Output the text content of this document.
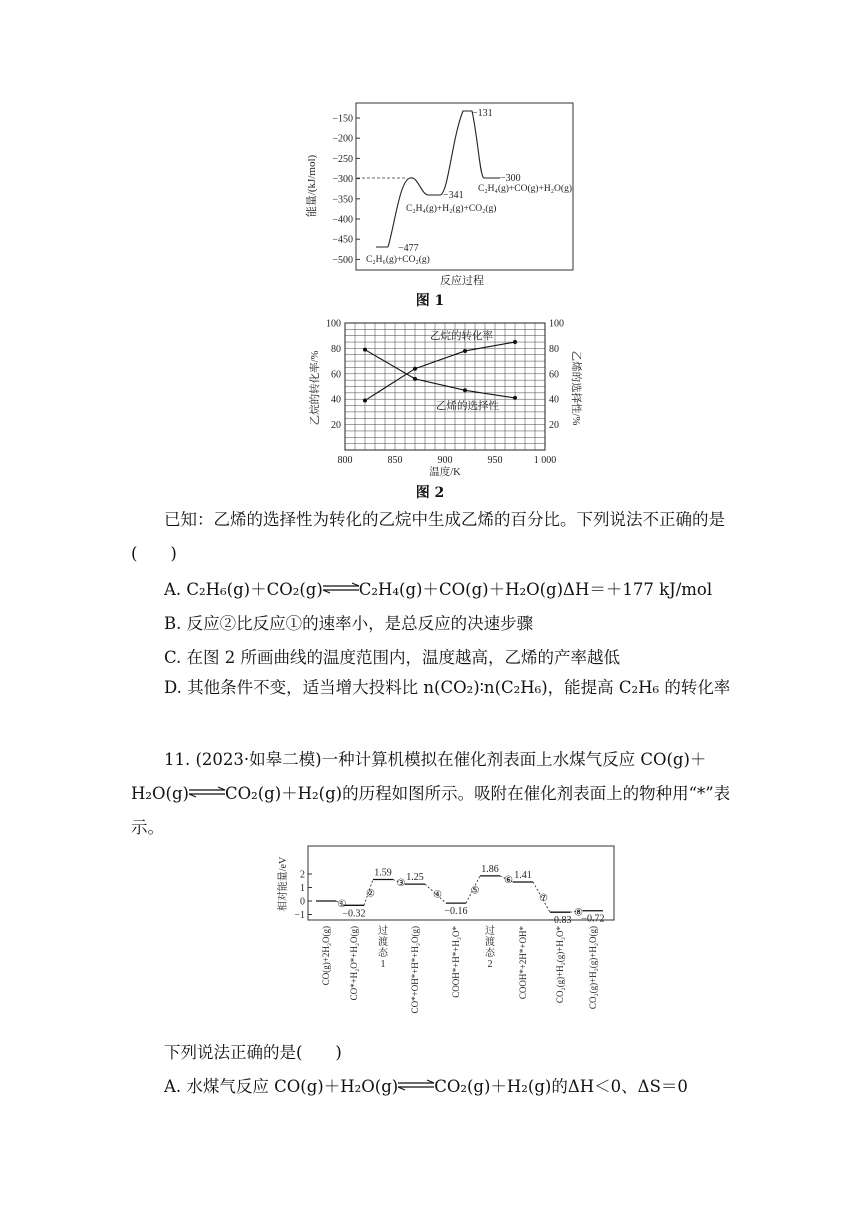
−150
−200
−250
−300
−350
−400
−450
−500
能量/(kJ/mol)
−477
C₂H₆(g)+CO₂(g)
−341
C₂H₄(g)+H₂(g)+CO₂(g)
−131
−300
C₂H₄(g)+CO(g)+H₂O(g)
反应过程
图 1
800	850	900	950	1 000
20	20
40	40
60	60
80	80
100	100
乙烷的转化率
乙烯的选择性
乙烷的转化率/%	乙烯的选择性/%
温度/K
图 2
已知：乙烯的选择性为转化的乙烷中生成乙烯的百分比。下列说法不正确的是(　　)
A. C₂H₆(g)＋CO₂(g)⇌C₂H₄(g)＋CO(g)＋H₂O(g)ΔH＝＋177 kJ/mol
B. 反应②比反应①的速率小，是总反应的决速步骤
C. 在图 2 所画曲线的温度范围内，温度越高，乙烯的产率越低
D. 其他条件不变，适当增大投料比 n(CO₂)∶n(C₂H₆)，能提高 C₂H₆ 的转化率
11. (2023·如皋二模)一种计算机模拟在催化剂表面上水煤气反应 CO(g)＋
H₂O(g)⇌CO₂(g)＋H₂(g)的历程如图所示。吸附在催化剂表面上的物种用“*”表
示。
2
1
0
−1
相对能量/eV	①
−0.32
②
1.59
③
1.25
④
−0.16
⑤
1.86
⑥ 1.41
⑦
−0.83
⑧
−0.72
CO(g)+2H₂O(g) CO*+H₂O*+H₂O(g) 过
渡
态
1	CO*+OH*+H*+H₂O(g)	COOH*+H*+H₂O* 过
渡
态
2	COOH*+2H*+OH*	CO₂(g)+H₂(g)+H₂O*	CO₂(g)+H₂(g)+H₂O(g)
下列说法正确的是(　　)
A. 水煤气反应 CO(g)＋H₂O(g)⇌CO₂(g)＋H₂(g)的ΔH＜0、ΔS＝0
